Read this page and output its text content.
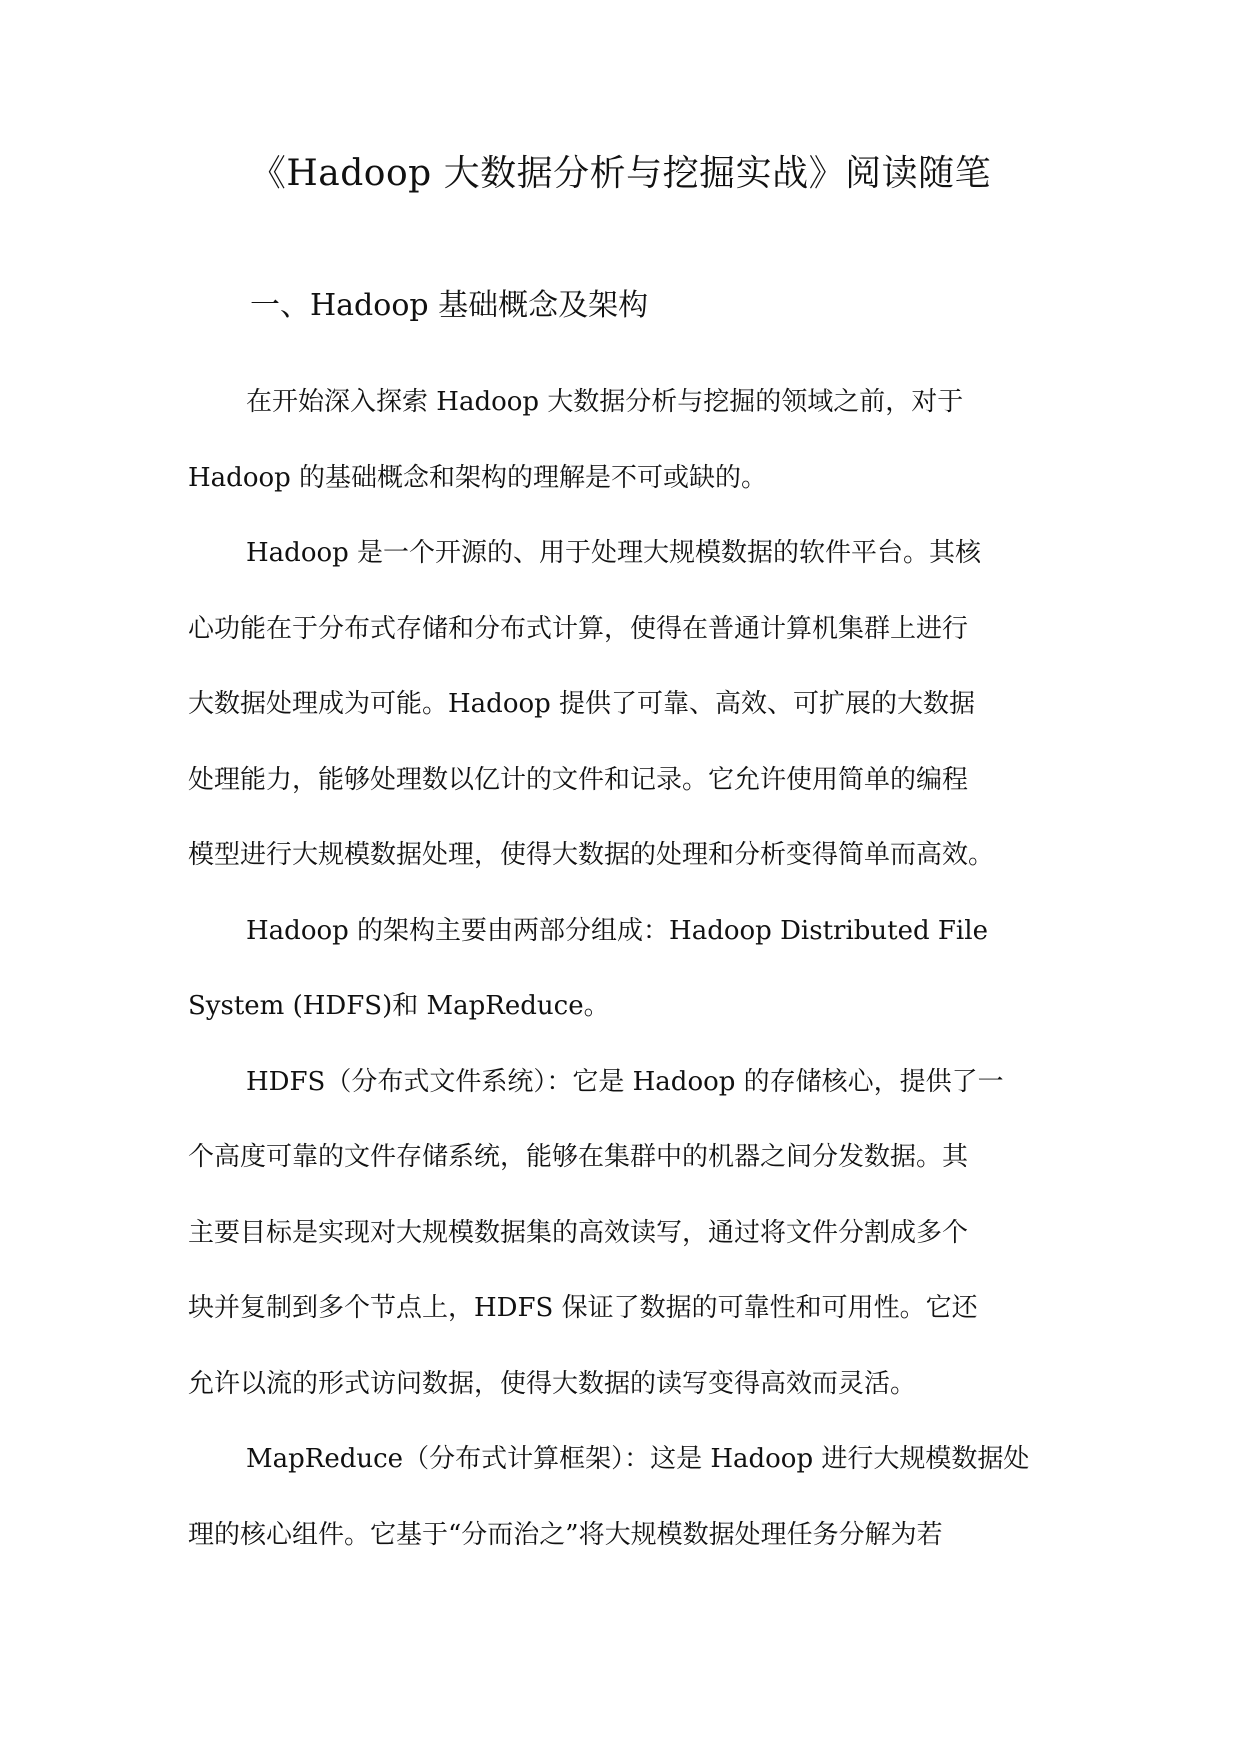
《Hadoop 大数据分析与挖掘实战》阅读随笔
一、Hadoop 基础概念及架构
在开始深入探索 Hadoop 大数据分析与挖掘的领域之前，对于
Hadoop 的基础概念和架构的理解是不可或缺的。
Hadoop 是一个开源的、用于处理大规模数据的软件平台。其核
心功能在于分布式存储和分布式计算，使得在普通计算机集群上进行
大数据处理成为可能。Hadoop 提供了可靠、高效、可扩展的大数据
处理能力，能够处理数以亿计的文件和记录。它允许使用简单的编程
模型进行大规模数据处理，使得大数据的处理和分析变得简单而高效。
Hadoop 的架构主要由两部分组成：Hadoop Distributed File
System (HDFS)和 MapReduce。
HDFS（分布式文件系统）：它是 Hadoop 的存储核心，提供了一
个高度可靠的文件存储系统，能够在集群中的机器之间分发数据。其
主要目标是实现对大规模数据集的高效读写，通过将文件分割成多个
块并复制到多个节点上，HDFS 保证了数据的可靠性和可用性。它还
允许以流的形式访问数据，使得大数据的读写变得高效而灵活。
MapReduce（分布式计算框架）：这是 Hadoop 进行大规模数据处
理的核心组件。它基于“分而治之”将大规模数据处理任务分解为若
